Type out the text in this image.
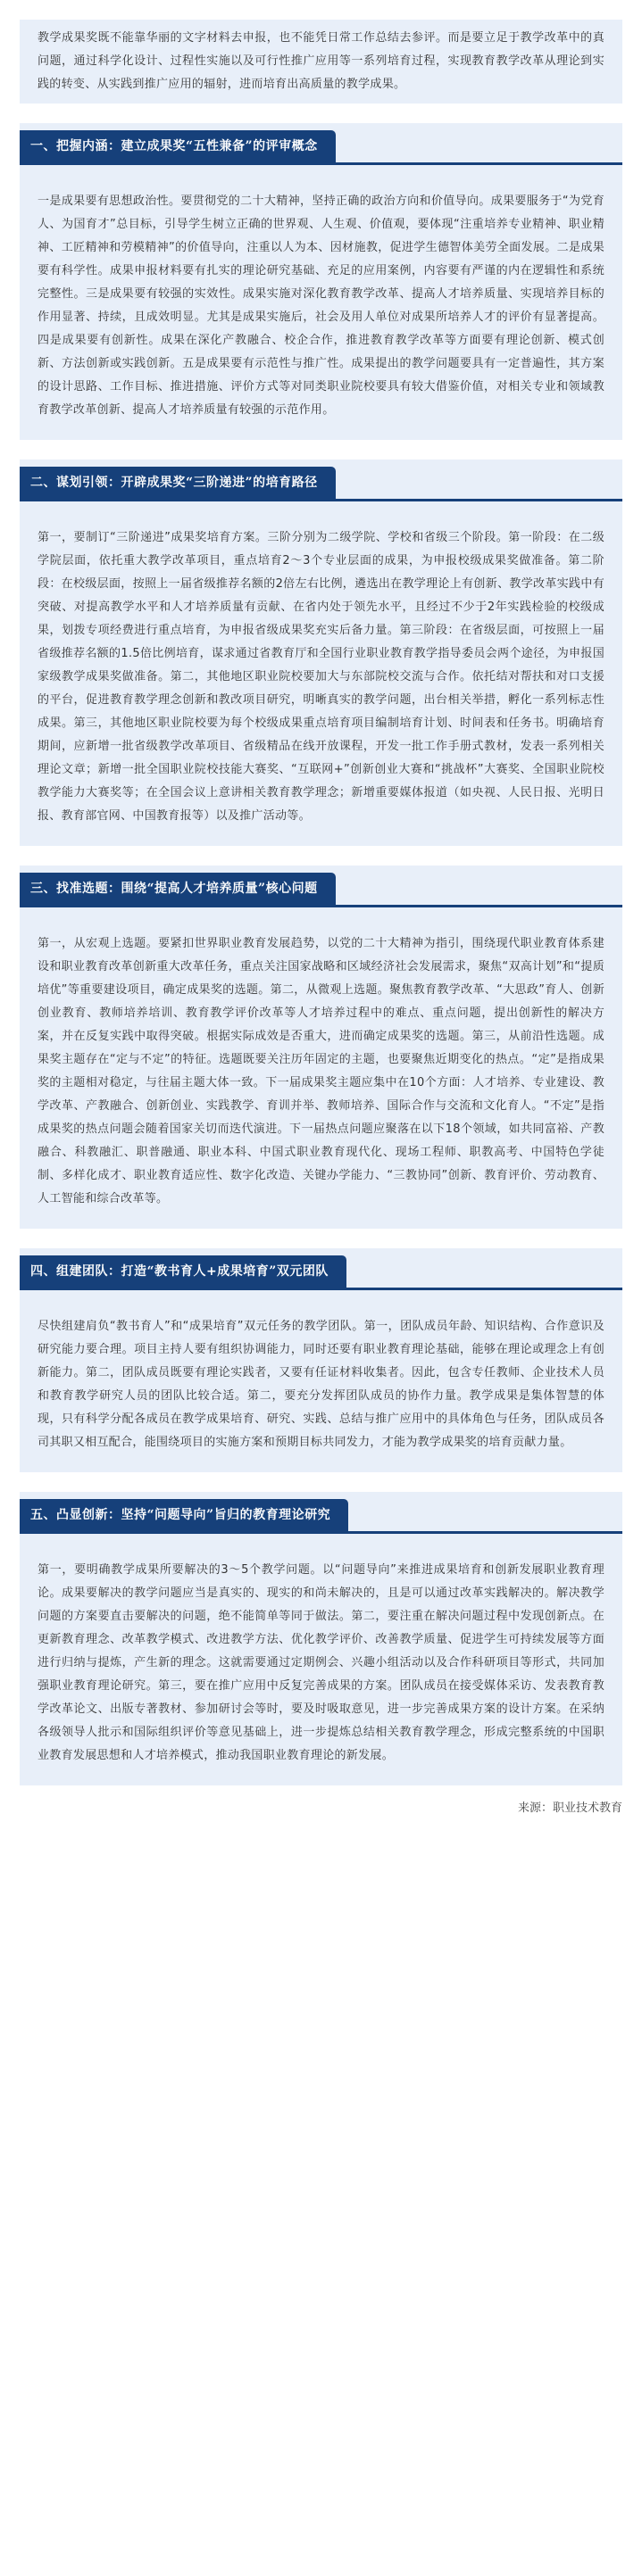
教学成果奖既不能靠华丽的文字材料去申报，也不能凭日常工作总结去参评。而是要立足于教学改革中的真问题，通过科学化设计、过程性实施以及可行性推广应用等一系列培育过程，实现教育教学改革从理论到实践的转变、从实践到推广应用的辐射，进而培育出高质量的教学成果。

一、把握内涵：建立成果奖“五性兼备”的评审概念

一是成果要有思想政治性。要贯彻党的二十大精神，坚持正确的政治方向和价值导向。成果要服务于“为党育人、为国育才”总目标，引导学生树立正确的世界观、人生观、价值观，要体现“注重培养专业精神、职业精神、工匠精神和劳模精神”的价值导向，注重以人为本、因材施教，促进学生德智体美劳全面发展。二是成果要有科学性。成果申报材料要有扎实的理论研究基础、充足的应用案例，内容要有严谨的内在逻辑性和系统完整性。三是成果要有较强的实效性。成果实施对深化教育教学改革、提高人才培养质量、实现培养目标的作用显著、持续，且成效明显。尤其是成果实施后，社会及用人单位对成果所培养人才的评价有显著提高。四是成果要有创新性。成果在深化产教融合、校企合作，推进教育教学改革等方面要有理论创新、模式创新、方法创新或实践创新。五是成果要有示范性与推广性。成果提出的教学问题要具有一定普遍性，其方案的设计思路、工作目标、推进措施、评价方式等对同类职业院校要具有较大借鉴价值，对相关专业和领域教育教学改革创新、提高人才培养质量有较强的示范作用。

二、谋划引领：开辟成果奖“三阶递进”的培育路径

第一，要制订“三阶递进”成果奖培育方案。三阶分别为二级学院、学校和省级三个阶段。第一阶段：在二级学院层面，依托重大教学改革项目，重点培育2～3个专业层面的成果，为申报校级成果奖做准备。第二阶段：在校级层面，按照上一届省级推荐名额的2倍左右比例，遴选出在教学理论上有创新、教学改革实践中有突破、对提高教学水平和人才培养质量有贡献、在省内处于领先水平，且经过不少于2年实践检验的校级成果，划拨专项经费进行重点培育，为申报省级成果奖充实后备力量。第三阶段：在省级层面，可按照上一届省级推荐名额的1.5倍比例培育，谋求通过省教育厅和全国行业职业教育教学指导委员会两个途径，为申报国家级教学成果奖做准备。第二，其他地区职业院校要加大与东部院校交流与合作。依托结对帮扶和对口支援的平台，促进教育教学理念创新和教改项目研究，明晰真实的教学问题，出台相关举措，孵化一系列标志性成果。第三，其他地区职业院校要为每个校级成果重点培育项目编制培育计划、时间表和任务书。明确培育期间，应新增一批省级教学改革项目、省级精品在线开放课程，开发一批工作手册式教材，发表一系列相关理论文章；新增一批全国职业院校技能大赛奖、“互联网+”创新创业大赛和“挑战杯”大赛奖、全国职业院校教学能力大赛奖等；在全国会议上意讲相关教育教学理念；新增重要媒体报道（如央视、人民日报、光明日报、教育部官网、中国教育报等）以及推广活动等。

三、找准选题：围绕“提高人才培养质量”核心问题

第一，从宏观上选题。要紧扣世界职业教育发展趋势，以党的二十大精神为指引，围绕现代职业教育体系建设和职业教育改革创新重大改革任务，重点关注国家战略和区域经济社会发展需求，聚焦“双高计划”和“提质培优”等重要建设项目，确定成果奖的选题。第二，从微观上选题。聚焦教育教学改革、“大思政”育人、创新创业教育、教师培养培训、教育教学评价改革等人才培养过程中的难点、重点问题，提出创新性的解决方案，并在反复实践中取得突破。根据实际成效是否重大，进而确定成果奖的选题。第三，从前沿性选题。成果奖主题存在“定与不定”的特征。选题既要关注历年固定的主题，也要聚焦近期变化的热点。“定”是指成果奖的主题相对稳定，与往届主题大体一致。下一届成果奖主题应集中在10个方面：人才培养、专业建设、教学改革、产教融合、创新创业、实践教学、育训并举、教师培养、国际合作与交流和文化育人。“不定”是指成果奖的热点问题会随着国家关切而迭代演进。下一届热点问题应聚落在以下18个领域，如共同富裕、产教融合、科教融汇、职普融通、职业本科、中国式职业教育现代化、现场工程师、职教高考、中国特色学徒制、多样化成才、职业教育适应性、数字化改造、关键办学能力、“三教协同”创新、教育评价、劳动教育、人工智能和综合改革等。

四、组建团队：打造“教书育人+成果培育”双元团队

尽快组建肩负“教书育人”和“成果培育”双元任务的教学团队。第一，团队成员年龄、知识结构、合作意识及研究能力要合理。项目主持人要有组织协调能力，同时还要有职业教育理论基础，能够在理论或理念上有创新能力。第二，团队成员既要有理论实践者，又要有任证材料收集者。因此，包含专任教师、企业技术人员和教育教学研究人员的团队比较合适。第二，要充分发挥团队成员的协作力量。教学成果是集体智慧的体现，只有科学分配各成员在教学成果培育、研究、实践、总结与推广应用中的具体角色与任务，团队成员各司其职又相互配合，能围绕项目的实施方案和预期目标共同发力，才能为教学成果奖的培育贡献力量。

五、凸显创新：坚持“问题导向”旨归的教育理论研究

第一，要明确教学成果所要解决的3～5个教学问题。以“问题导向”来推进成果培育和创新发展职业教育理论。成果要解决的教学问题应当是真实的、现实的和尚未解决的，且是可以通过改革实践解决的。解决教学问题的方案要直击要解决的问题，绝不能简单等同于做法。第二，要注重在解决问题过程中发现创新点。在更新教育理念、改革教学模式、改进教学方法、优化教学评价、改善教学质量、促进学生可持续发展等方面进行归纳与提炼，产生新的理念。这就需要通过定期例会、兴趣小组活动以及合作科研项目等形式，共同加强职业教育理论研究。第三，要在推广应用中反复完善成果的方案。团队成员在接受媒体采访、发表教育教学改革论文、出版专著教材、参加研讨会等时，要及时吸取意见，进一步完善成果方案的设计方案。在采纳各级领导人批示和国际组织评价等意见基础上，进一步提炼总结相关教育教学理念，形成完整系统的中国职业教育发展思想和人才培养模式，推动我国职业教育理论的新发展。

来源：职业技术教育
